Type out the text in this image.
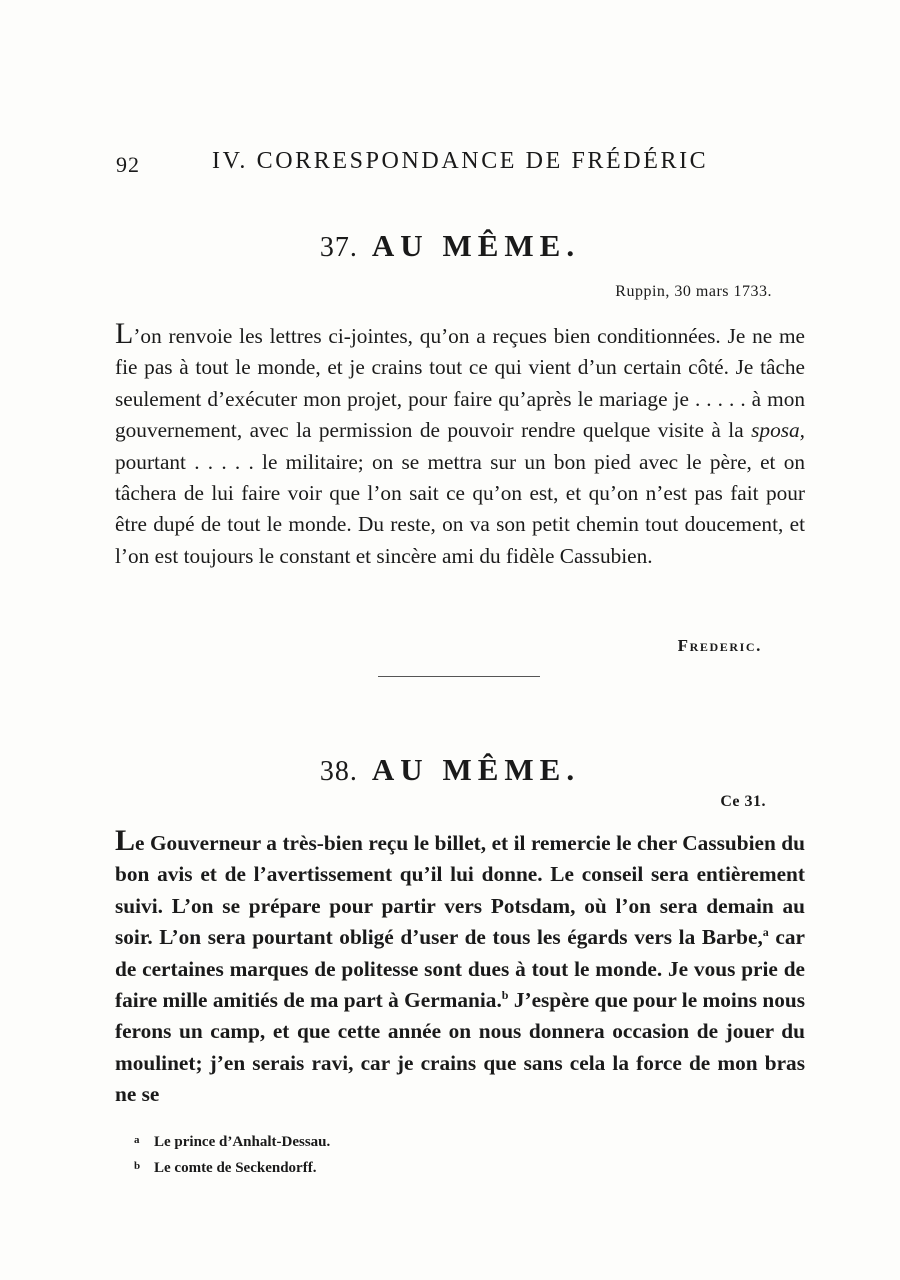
92	IV. CORRESPONDANCE DE FRÉDÉRIC
37. AU MÊME.
Ruppin, 30 mars 1733.
L’on renvoie les lettres ci-jointes, qu’on a reçues bien conditionnées. Je ne me fie pas à tout le monde, et je crains tout ce qui vient d’un certain côté. Je tâche seulement d’exécuter mon projet, pour faire qu’après le mariage je . . . . . à mon gouvernement, avec la permission de pouvoir rendre quelque visite à la sposa, pourtant . . . . . le militaire; on se mettra sur un bon pied avec le père, et on tâchera de lui faire voir que l’on sait ce qu’on est, et qu’on n’est pas fait pour être dupé de tout le monde. Du reste, on va son petit chemin tout doucement, et l’on est toujours le constant et sincère ami du fidèle Cassubien.
Frederic.
38. AU MÊME.
Ce 31.
Le Gouverneur a très-bien reçu le billet, et il remercie le cher Cassubien du bon avis et de l’avertissement qu’il lui donne. Le conseil sera entièrement suivi. L’on se prépare pour partir vers Potsdam, où l’on sera demain au soir. L’on sera pourtant obligé d’user de tous les égards vers la Barbe,$^a$ car de certaines marques de politesse sont dues à tout le monde. Je vous prie de faire mille amitiés de ma part à Germania.$^b$ J’espère que pour le moins nous ferons un camp, et que cette année on nous donnera occasion de jouer du moulinet; j’en serais ravi, car je crains que sans cela la force de mon bras ne se
a Le prince d’Anhalt-Dessau.
b Le comte de Seckendorff.
